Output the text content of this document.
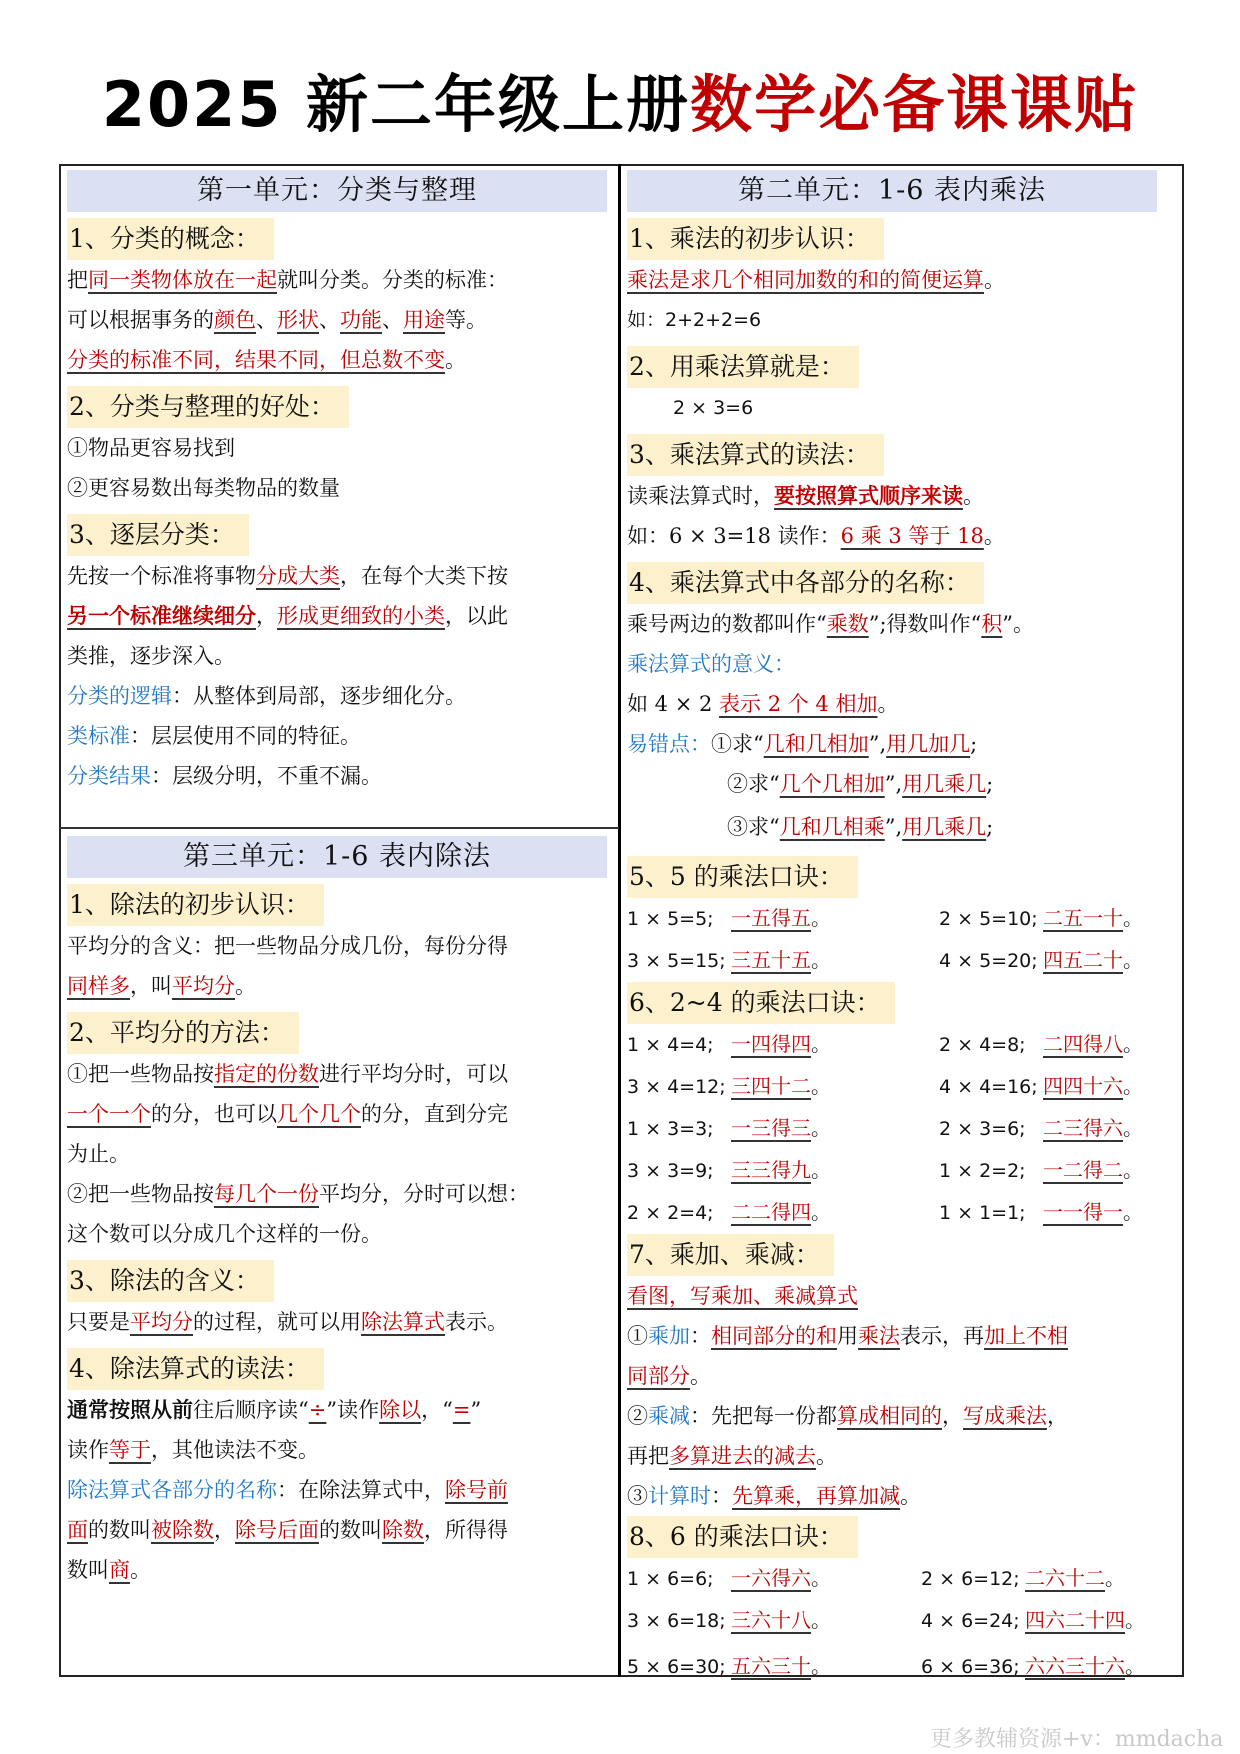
2025 新二年级上册数学必备课课贴
第一单元：分类与整理
1、分类的概念：
把同一类物体放在一起就叫分类。分类的标准：
可以根据事务的颜色、形状、功能、用途等。
分类的标准不同，结果不同，但总数不变。
2、分类与整理的好处：
①物品更容易找到
②更容易数出每类物品的数量
3、逐层分类：
先按一个标准将事物分成大类，在每个大类下按
另一个标准继续细分，形成更细致的小类，以此
类推，逐步深入。
分类的逻辑：从整体到局部，逐步细化分。
类标准：层层使用不同的特征。
分类结果：层级分明，不重不漏。
第三单元：1-6 表内除法
1、除法的初步认识：
平均分的含义：把一些物品分成几份，每份分得
同样多，叫平均分。
2、平均分的方法：
①把一些物品按指定的份数进行平均分时，可以
一个一个的分，也可以几个几个的分，直到分完
为止。
②把一些物品按每几个一份平均分，分时可以想：
这个数可以分成几个这样的一份。
3、除法的含义：
只要是平均分的过程，就可以用除法算式表示。
4、除法算式的读法：
通常按照从前往后顺序读“÷”读作除以，“=”
读作等于，其他读法不变。
除法算式各部分的名称：在除法算式中，除号前
面的数叫被除数，除号后面的数叫除数，所得得
数叫商。
第二单元：1-6 表内乘法
1、乘法的初步认识：
乘法是求几个相同加数的和的简便运算。
如：2+2+2=6
2、用乘法算就是：
2 × 3=6
3、乘法算式的读法：
读乘法算式时，要按照算式顺序来读。
如：6 × 3=18 读作：6 乘 3 等于 18。
4、乘法算式中各部分的名称：
乘号两边的数都叫作“乘数”;得数叫作“积”。
乘法算式的意义：
如 4 × 2 表示 2 个 4 相加。
易错点：①求“几和几相加”,用几加几;
②求“几个几相加”,用几乘几;
③求“几和几相乘”,用几乘几;
5、5 的乘法口诀：
1 × 5=5; 一五得五。	2 × 5=10; 二五一十。
3 × 5=15; 三五十五。	4 × 5=20; 四五二十。
6、2~4 的乘法口诀：
1 × 4=4; 一四得四。	2 × 4=8; 二四得八。
3 × 4=12; 三四十二。	4 × 4=16; 四四十六。
1 × 3=3; 一三得三。	2 × 3=6; 二三得六。
3 × 3=9; 三三得九。	1 × 2=2; 一二得二。
2 × 2=4; 二二得四。	1 × 1=1; 一一得一。
7、乘加、乘减：
看图，写乘加、乘减算式
①乘加：相同部分的和用乘法表示，再加上不相
同部分。
②乘减：先把每一份都算成相同的，写成乘法，
再把多算进去的减去。
③计算时：先算乘，再算加减。
8、6 的乘法口诀：
1 × 6=6; 一六得六。	2 × 6=12; 二六十二。
3 × 6=18; 三六十八。	4 × 6=24; 四六二十四。
5 × 6=30; 五六三十。	6 × 6=36; 六六三十六。
更多教辅资源+v：mmdacha
